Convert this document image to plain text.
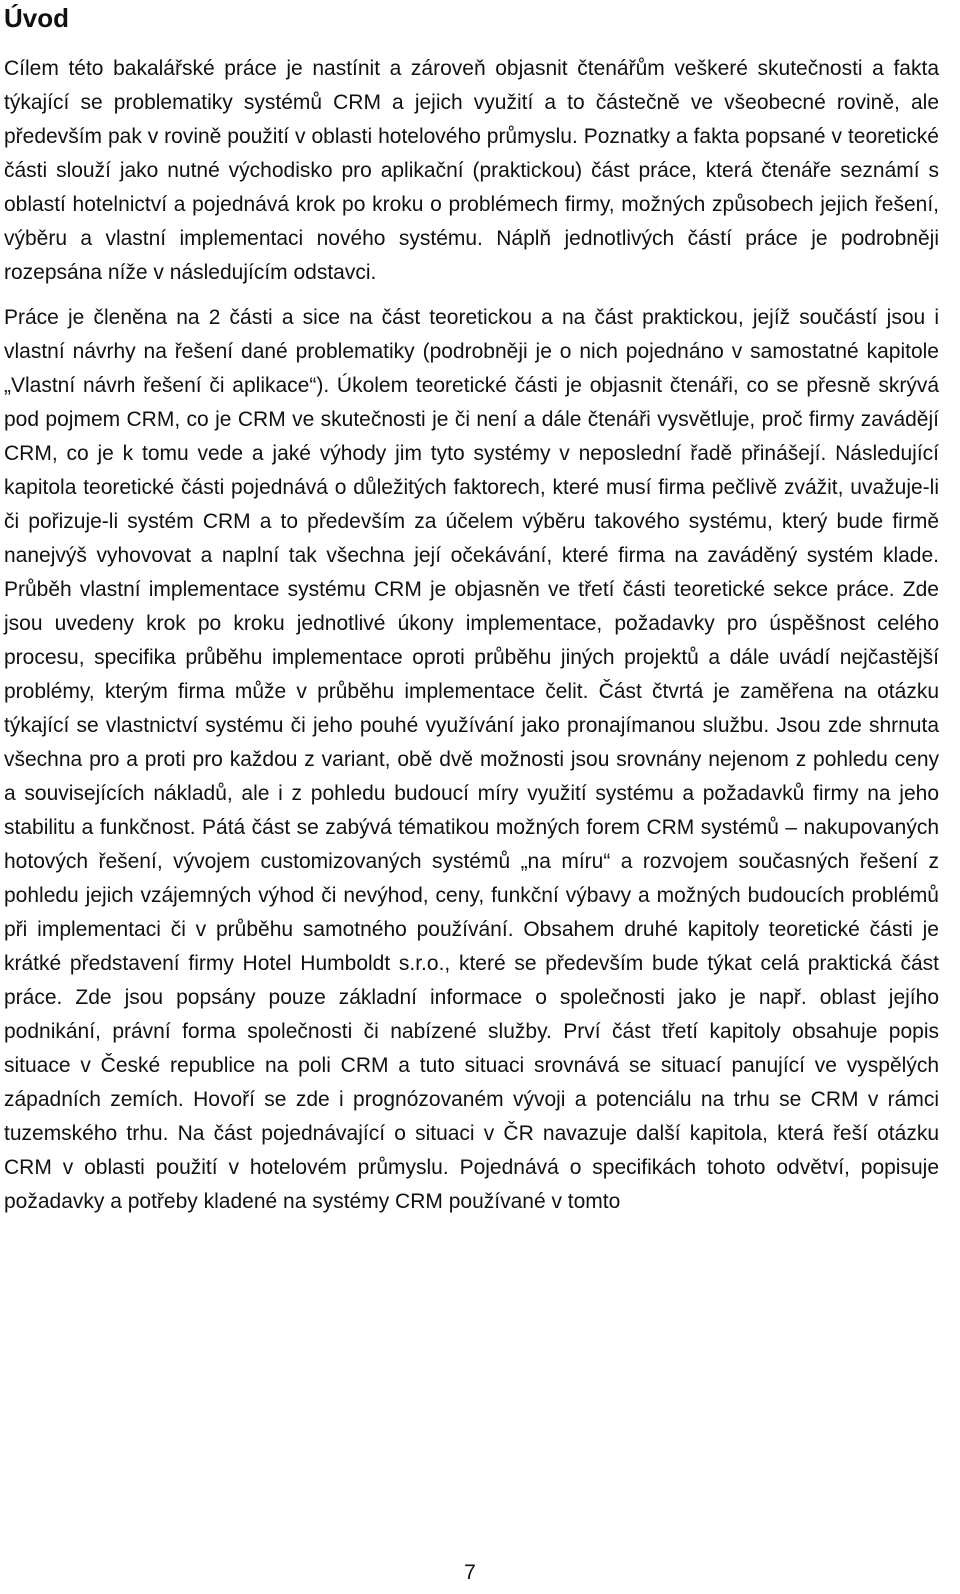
Úvod

Cílem této bakalářské práce je nastínit a zároveň objasnit čtenářům veškeré skutečnosti a fakta týkající se problematiky systémů CRM a jejich využití a to částečně ve všeobecné rovině, ale především pak v rovině použití v oblasti hotelového průmyslu. Poznatky a fakta popsané v teoretické části slouží jako nutné východisko pro aplikační (praktickou) část práce, která čtenáře seznámí s oblastí hotelnictví a pojednává krok po kroku o problémech firmy, možných způsobech jejich řešení, výběru a vlastní implementaci nového systému. Náplň jednotlivých částí práce je podrobněji rozepsána níže v následujícím odstavci.

Práce je členěna na 2 části a sice na část teoretickou a na část praktickou, jejíž součástí jsou i vlastní návrhy na řešení dané problematiky (podrobněji je o nich pojednáno v samostatné kapitole „Vlastní návrh řešení či aplikace“). Úkolem teoretické části je objasnit čtenáři, co se přesně skrývá pod pojmem CRM, co je CRM ve skutečnosti je či není a dále čtenáři vysvětluje, proč firmy zavádějí CRM, co je k tomu vede a jaké výhody jim tyto systémy v neposlední řadě přinášejí. Následující kapitola teoretické části pojednává o důležitých faktorech, které musí firma pečlivě zvážit, uvažuje-li či pořizuje-li systém CRM a to především za účelem výběru takového systému, který bude firmě nanejvýš vyhovovat a naplní tak všechna její očekávání, které firma na zaváděný systém klade. Průběh vlastní implementace systému CRM je objasněn ve třetí části teoretické sekce práce. Zde jsou uvedeny krok po kroku jednotlivé úkony implementace, požadavky pro úspěšnost celého procesu, specifika průběhu implementace oproti průběhu jiných projektů a dále uvádí nejčastější problémy, kterým firma může v průběhu implementace čelit. Část čtvrtá je zaměřena na otázku týkající se vlastnictví systému či jeho pouhé využívání jako pronajímanou službu. Jsou zde shrnuta všechna pro a proti pro každou z variant, obě dvě možnosti jsou srovnány nejenom z pohledu ceny a souvisejících nákladů, ale i z pohledu budoucí míry využití systému a požadavků firmy na jeho stabilitu a funkčnost. Pátá část se zabývá tématikou možných forem CRM systémů – nakupovaných hotových řešení, vývojem customizovaných systémů „na míru“ a rozvojem současných řešení z pohledu jejich vzájemných výhod či nevýhod, ceny, funkční výbavy a možných budoucích problémů při implementaci či v průběhu samotného používání. Obsahem druhé kapitoly teoretické části je krátké představení firmy Hotel Humboldt s.r.o., které se především bude týkat celá praktická část práce. Zde jsou popsány pouze základní informace o společnosti jako je např. oblast jejího podnikání, právní forma společnosti či nabízené služby. Prví část třetí kapitoly obsahuje popis situace v České republice na poli CRM a tuto situaci srovnává se situací panující ve vyspělých západních zemích. Hovoří se zde i prognózovaném vývoji a potenciálu na trhu se CRM v rámci tuzemského trhu. Na část pojednávající o situaci v ČR navazuje další kapitola, která řeší otázku CRM v oblasti použití v hotelovém průmyslu. Pojednává o specifikách tohoto odvětví, popisuje požadavky a potřeby kladené na systémy CRM používané v tomto

7
